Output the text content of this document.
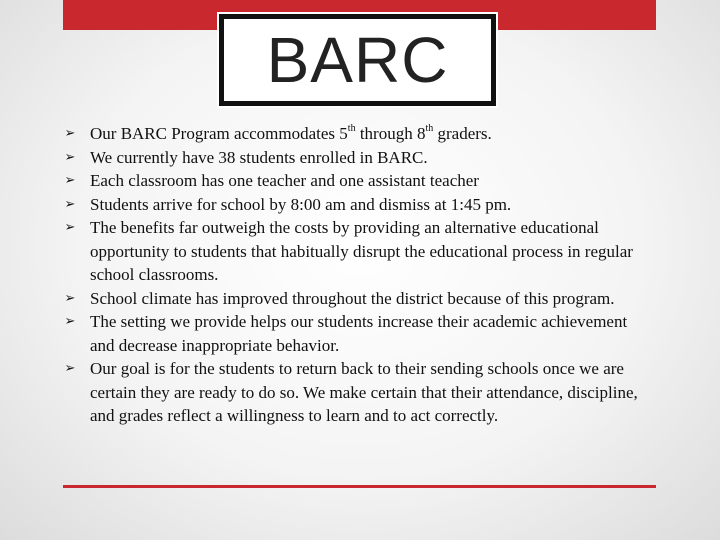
BARC
➢ Our BARC Program accommodates 5th through 8th graders.
➢ We currently have 38 students enrolled in BARC.
➢ Each classroom has one teacher and one assistant teacher
➢ Students arrive for school by 8:00 am and dismiss at 1:45 pm.
➢ The benefits far outweigh the costs by providing an alternative educational opportunity to students that habitually disrupt the educational process in regular school classrooms.
➢ School climate has improved throughout the district because of this program.
➢ The setting we provide helps our students increase their academic achievement and decrease inappropriate behavior.
➢ Our goal is for the students to return back to their sending schools once we are certain they are ready to do so. We make certain that their attendance, discipline, and grades reflect a willingness to learn and to act correctly.
